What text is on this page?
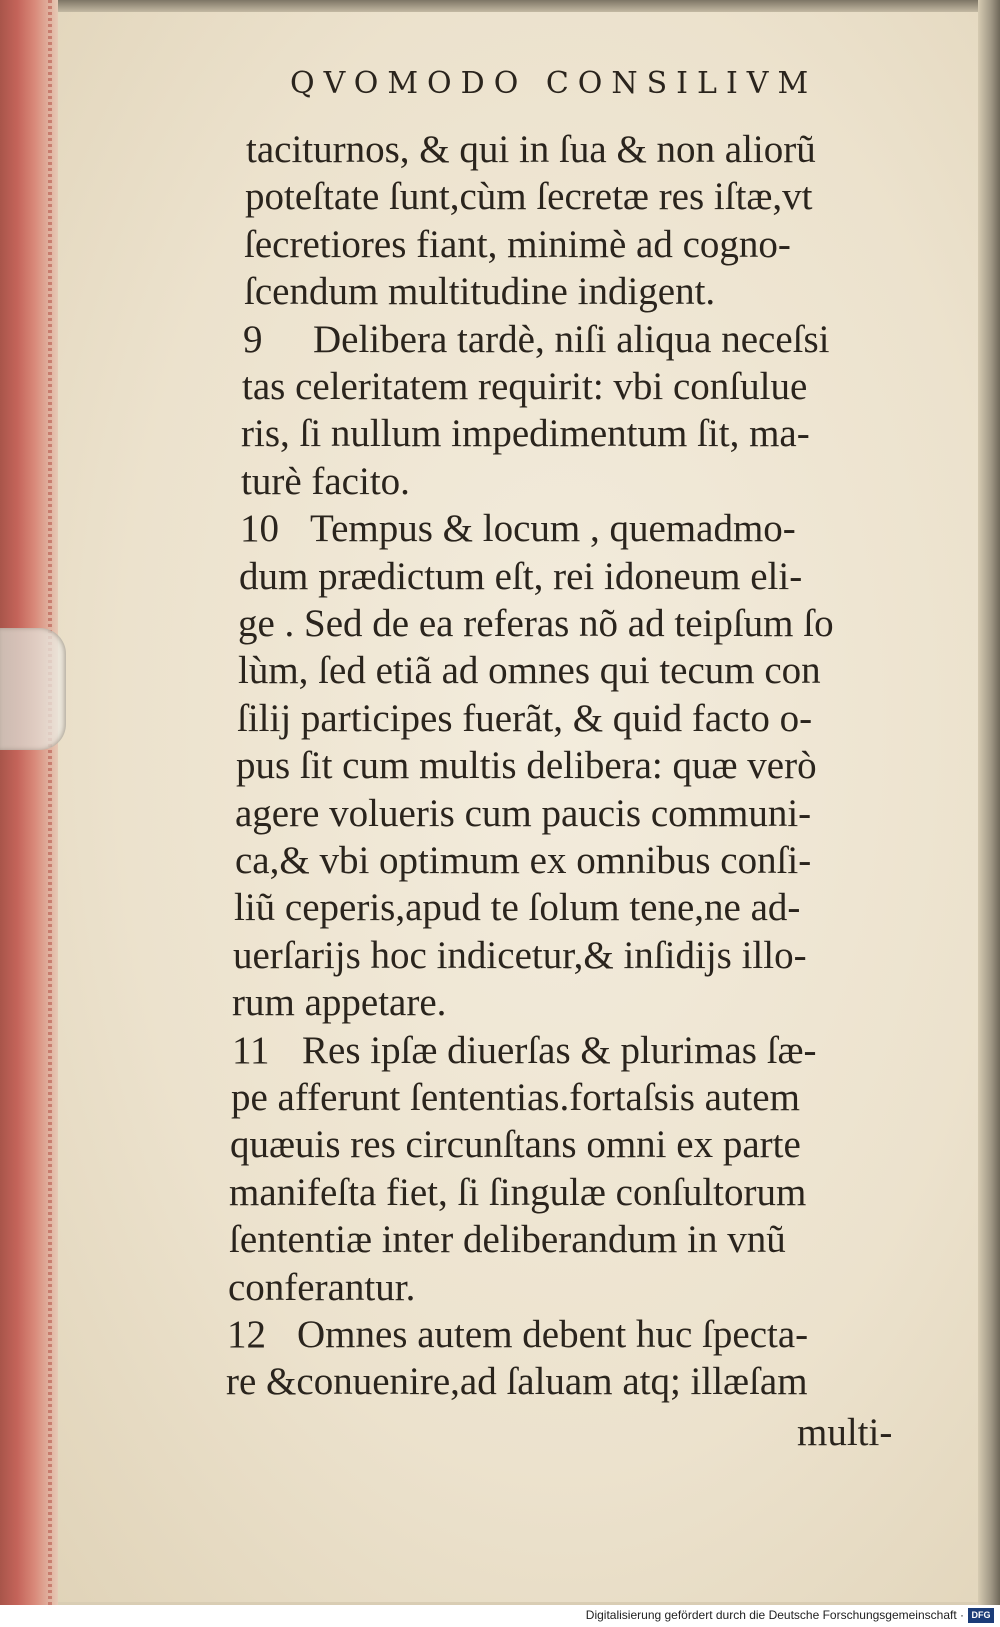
QVOMODO CONSILIVM
taciturnos, & qui in ſua & non aliorũ
poteſtate ſunt,cùm ſecretæ res iſtæ,vt
ſecretiores fiant, minimè ad cogno-
ſcendum multitudine indigent.
9 Delibera tardè, niſi aliqua neceſsi
tas celeritatem requirit: vbi conſulue
ris, ſi nullum impedimentum ſit, ma-
turè facito.
10 Tempus & locum , quemadmo-
dum prædictum eſt, rei idoneum eli-
ge . Sed de ea referas nõ ad teipſum ſo
lùm, ſed etiã ad omnes qui tecum con
ſilij participes fuerãt, & quid facto o-
pus ſit cum multis delibera: quæ verò
agere volueris cum paucis communi-
ca,& vbi optimum ex omnibus conſi-
liũ ceperis,apud te ſolum tene,ne ad-
uerſarijs hoc indicetur,& inſidijs illo-
rum appetare.
11 Res ipſæ diuerſas & plurimas ſæ-
pe afferunt ſententias.fortaſsis autem
quæuis res circunſtans omni ex parte
manifeſta fiet, ſi ſingulæ conſultorum
ſententiæ inter deliberandum in vnũ
conferantur.
12 Omnes autem debent huc ſpecta-
re &conuenire,ad ſaluam atq; illæſam
multi-
Digitalisierung gefördert durch die Deutsche Forschungsgemeinschaft · DFG
